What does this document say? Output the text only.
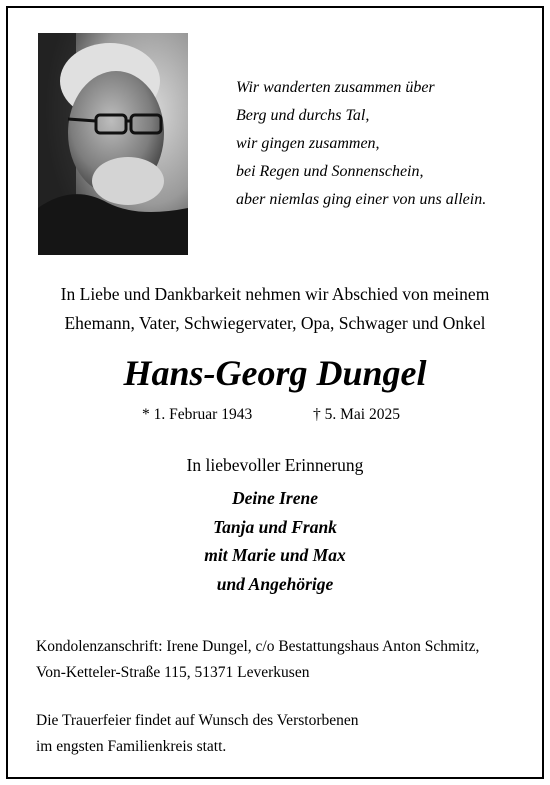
Wir wanderten zusammen über
Berg und durchs Tal,
wir gingen zusammen,
bei Regen und Sonnenschein,
aber niemlas ging einer von uns allein.
In Liebe und Dankbarkeit nehmen wir Abschied von meinem
Ehemann, Vater, Schwiegervater, Opa, Schwager und Onkel
Hans-Georg Dungel
* 1. Februar 1943	† 5. Mai 2025
In liebevoller Erinnerung
Deine Irene
Tanja und Frank
mit Marie und Max
und Angehörige
Kondolenzanschrift: Irene Dungel, c/o Bestattungshaus Anton Schmitz,
Von-Ketteler-Straße 115, 51371 Leverkusen
Die Trauerfeier findet auf Wunsch des Verstorbenen
im engsten Familienkreis statt.
